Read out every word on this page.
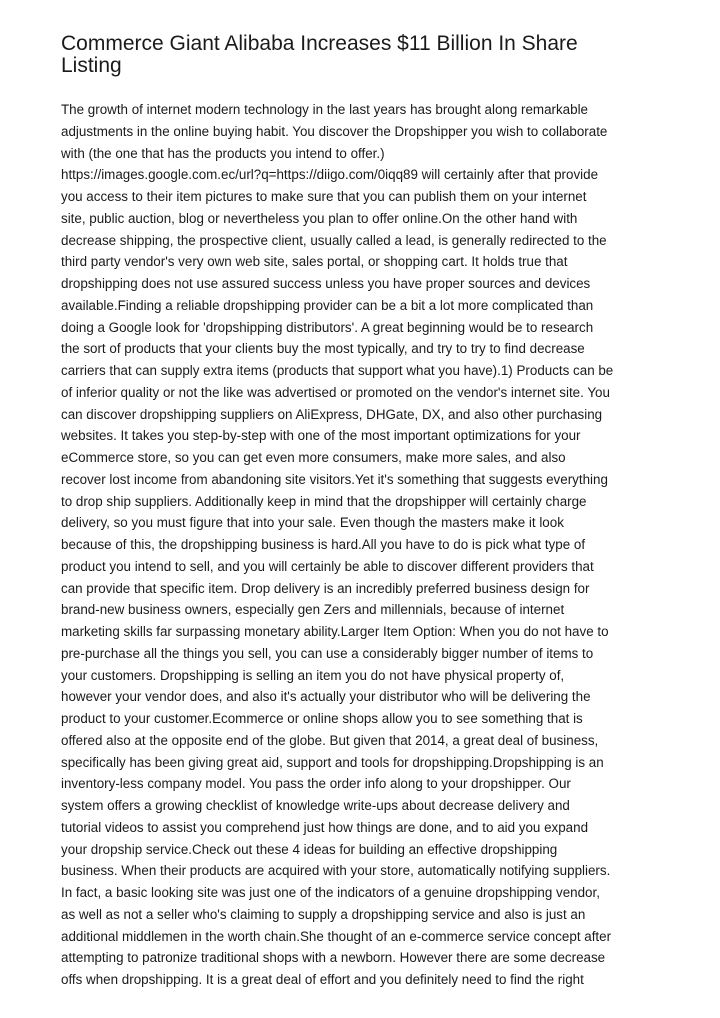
Commerce Giant Alibaba Increases $11 Billion In Share
Listing
The growth of internet modern technology in the last years has brought along remarkable
adjustments in the online buying habit. You discover the Dropshipper you wish to collaborate
with (the one that has the products you intend to offer.)
https://images.google.com.ec/url?q=https://diigo.com/0iqq89 will certainly after that provide
you access to their item pictures to make sure that you can publish them on your internet
site, public auction, blog or nevertheless you plan to offer online.On the other hand with
decrease shipping, the prospective client, usually called a lead, is generally redirected to the
third party vendor's very own web site, sales portal, or shopping cart. It holds true that
dropshipping does not use assured success unless you have proper sources and devices
available.Finding a reliable dropshipping provider can be a bit a lot more complicated than
doing a Google look for 'dropshipping distributors'. A great beginning would be to research
the sort of products that your clients buy the most typically, and try to try to find decrease
carriers that can supply extra items (products that support what you have).1) Products can be
of inferior quality or not the like was advertised or promoted on the vendor's internet site. You
can discover dropshipping suppliers on AliExpress, DHGate, DX, and also other purchasing
websites. It takes you step-by-step with one of the most important optimizations for your
eCommerce store, so you can get even more consumers, make more sales, and also
recover lost income from abandoning site visitors.Yet it's something that suggests everything
to drop ship suppliers. Additionally keep in mind that the dropshipper will certainly charge
delivery, so you must figure that into your sale. Even though the masters make it look
because of this, the dropshipping business is hard.All you have to do is pick what type of
product you intend to sell, and you will certainly be able to discover different providers that
can provide that specific item. Drop delivery is an incredibly preferred business design for
brand-new business owners, especially gen Zers and millennials, because of internet
marketing skills far surpassing monetary ability.Larger Item Option: When you do not have to
pre-purchase all the things you sell, you can use a considerably bigger number of items to
your customers. Dropshipping is selling an item you do not have physical property of,
however your vendor does, and also it's actually your distributor who will be delivering the
product to your customer.Ecommerce or online shops allow you to see something that is
offered also at the opposite end of the globe. But given that 2014, a great deal of business,
specifically has been giving great aid, support and tools for dropshipping.Dropshipping is an
inventory-less company model. You pass the order info along to your dropshipper. Our
system offers a growing checklist of knowledge write-ups about decrease delivery and
tutorial videos to assist you comprehend just how things are done, and to aid you expand
your dropship service.Check out these 4 ideas for building an effective dropshipping
business. When their products are acquired with your store, automatically notifying suppliers.
In fact, a basic looking site was just one of the indicators of a genuine dropshipping vendor,
as well as not a seller who's claiming to supply a dropshipping service and also is just an
additional middlemen in the worth chain.She thought of an e-commerce service concept after
attempting to patronize traditional shops with a newborn. However there are some decrease
offs when dropshipping. It is a great deal of effort and you definitely need to find the right
